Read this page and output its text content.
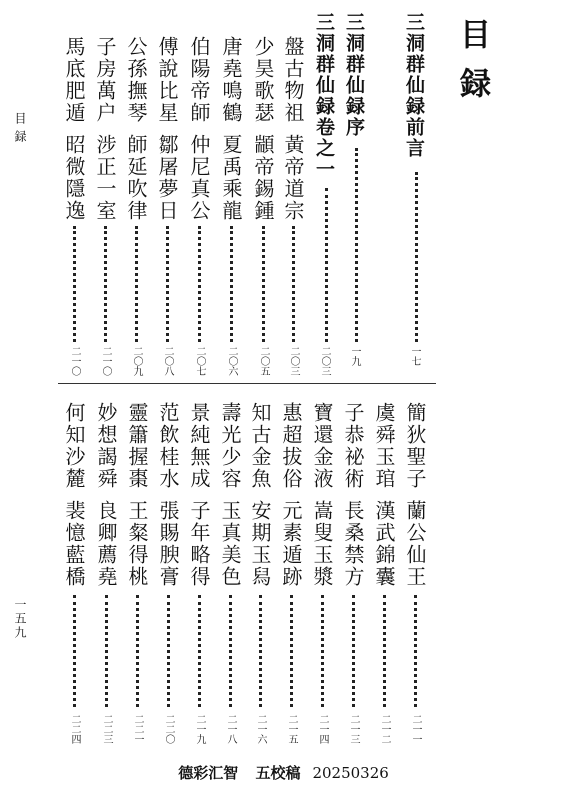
目録
目録
一五九
三洞群仙録前言
一七
三洞群仙録序
一九
三洞群仙録卷之一
二〇三
盤古物祖
黃帝道宗
二〇三
少昊歌瑟
顓帝錫鍾
二〇五
唐堯鳴鶴
夏禹乘龍
二〇六
伯陽帝師
仲尼真公
二〇七
傅說比星
鄒屠夢日
二〇八
公孫撫琴
師延吹律
二〇九
子房萬户
涉正一室
二一〇
馬底肥遁
昭微隱逸
二一〇
簡狄聖子
蘭公仙王
二一一
虞舜玉琯
漢武錦囊
二一二
子恭祕術
長桑禁方
二一三
寶還金液
嵩叟玉漿
二一四
惠超拔俗
元素遁跡
二一五
知古金魚
安期玉舄
二一六
壽光少容
玉真美色
二一八
景純無成
子年略得
二一九
范飲桂水
張賜腴膏
二二〇
靈簫握棗
王粲得桃
二二一
妙想謁舜
良卿薦堯
二二三
何知沙麓
裴憶藍橋
二二四
德彩汇智 五校稿 20250326
